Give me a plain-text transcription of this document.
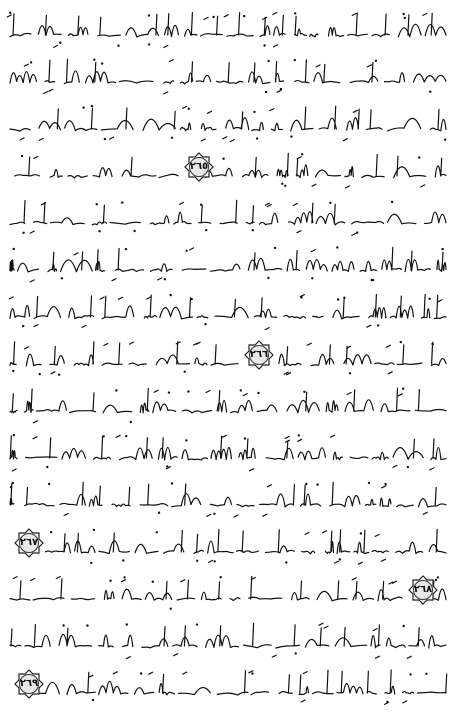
٢٦٥
٢٦٦
٢٦٧
٢٦٨
٢٦٩
